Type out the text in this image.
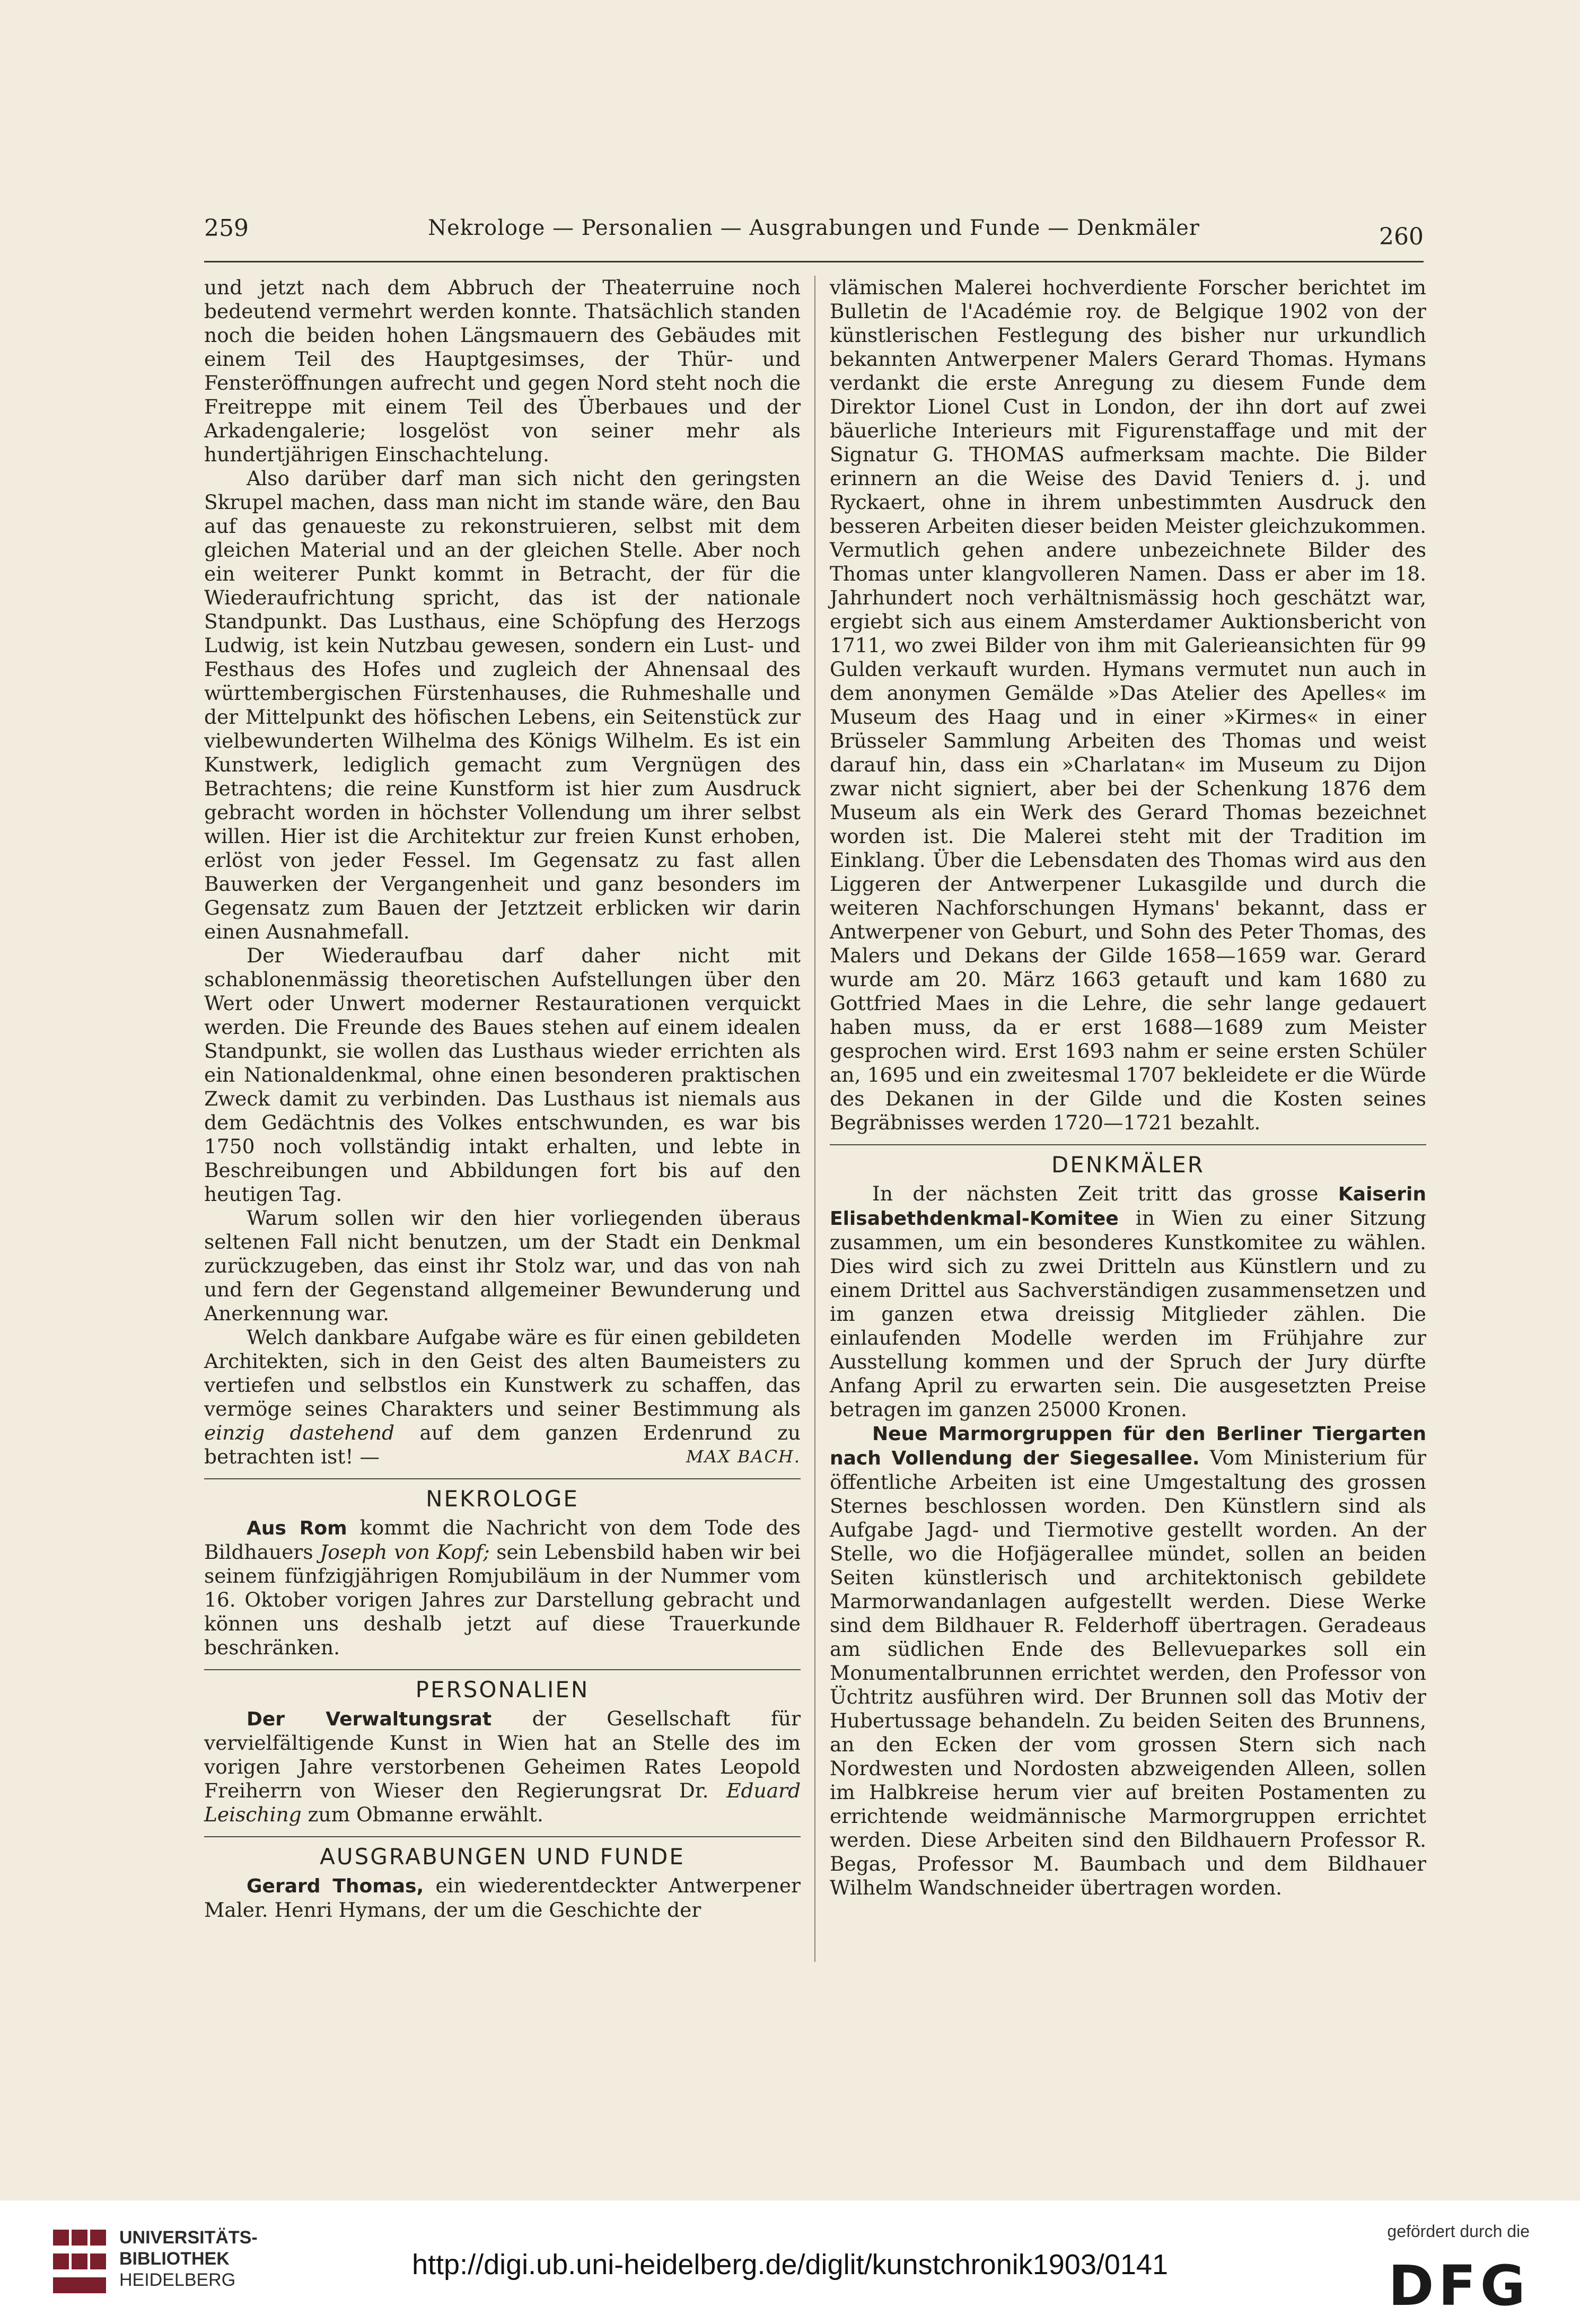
259	Nekrologe — Personalien — Ausgrabungen und Funde — Denkmäler	260

und jetzt nach dem Abbruch der Theaterruine noch bedeutend vermehrt werden konnte. Thatsächlich standen noch die beiden hohen Längsmauern des Gebäudes mit einem Teil des Hauptgesimses, der Thür- und Fensteröffnungen aufrecht und gegen Nord steht noch die Freitreppe mit einem Teil des Überbaues und der Arkadengalerie; losgelöst von seiner mehr als hundertjährigen Einschachtelung.

Also darüber darf man sich nicht den geringsten Skrupel machen, dass man nicht im stande wäre, den Bau auf das genaueste zu rekonstruieren, selbst mit dem gleichen Material und an der gleichen Stelle. Aber noch ein weiterer Punkt kommt in Betracht, der für die Wiederaufrichtung spricht, das ist der nationale Standpunkt. Das Lusthaus, eine Schöpfung des Herzogs Ludwig, ist kein Nutzbau gewesen, sondern ein Lust- und Festhaus des Hofes und zugleich der Ahnensaal des württembergischen Fürstenhauses, die Ruhmeshalle und der Mittelpunkt des höfischen Lebens, ein Seitenstück zur vielbewunderten Wilhelma des Königs Wilhelm. Es ist ein Kunstwerk, lediglich gemacht zum Vergnügen des Betrachtens; die reine Kunstform ist hier zum Ausdruck gebracht worden in höchster Vollendung um ihrer selbst willen. Hier ist die Architektur zur freien Kunst erhoben, erlöst von jeder Fessel. Im Gegensatz zu fast allen Bauwerken der Vergangenheit und ganz besonders im Gegensatz zum Bauen der Jetztzeit erblicken wir darin einen Ausnahmefall.

Der Wiederaufbau darf daher nicht mit schablonenmässig theoretischen Aufstellungen über den Wert oder Unwert moderner Restaurationen verquickt werden. Die Freunde des Baues stehen auf einem idealen Standpunkt, sie wollen das Lusthaus wieder errichten als ein Nationaldenkmal, ohne einen besonderen praktischen Zweck damit zu verbinden. Das Lusthaus ist niemals aus dem Gedächtnis des Volkes entschwunden, es war bis 1750 noch vollständig intakt erhalten, und lebte in Beschreibungen und Abbildungen fort bis auf den heutigen Tag.

Warum sollen wir den hier vorliegenden überaus seltenen Fall nicht benutzen, um der Stadt ein Denkmal zurückzugeben, das einst ihr Stolz war, und das von nah und fern der Gegenstand allgemeiner Bewunderung und Anerkennung war.

Welch dankbare Aufgabe wäre es für einen gebildeten Architekten, sich in den Geist des alten Baumeisters zu vertiefen und selbstlos ein Kunstwerk zu schaffen, das vermöge seines Charakters und seiner Bestimmung als einzig dastehend auf dem ganzen Erdenrund zu betrachten ist! —	MAX BACH.

NEKROLOGE

Aus Rom kommt die Nachricht von dem Tode des Bildhauers Joseph von Kopf; sein Lebensbild haben wir bei seinem fünfzigjährigen Romjubiläum in der Nummer vom 16. Oktober vorigen Jahres zur Darstellung gebracht und können uns deshalb jetzt auf diese Trauerkunde beschränken.

PERSONALIEN

Der Verwaltungsrat der Gesellschaft für vervielfältigende Kunst in Wien hat an Stelle des im vorigen Jahre verstorbenen Geheimen Rates Leopold Freiherrn von Wieser den Regierungsrat Dr. Eduard Leisching zum Obmanne erwählt.

AUSGRABUNGEN UND FUNDE

Gerard Thomas, ein wiederentdeckter Antwerpener Maler. Henri Hymans, der um die Geschichte der

vlämischen Malerei hochverdiente Forscher berichtet im Bulletin de l'Académie roy. de Belgique 1902 von der künstlerischen Festlegung des bisher nur urkundlich bekannten Antwerpener Malers Gerard Thomas. Hymans verdankt die erste Anregung zu diesem Funde dem Direktor Lionel Cust in London, der ihn dort auf zwei bäuerliche Interieurs mit Figurenstaffage und mit der Signatur G. THOMAS aufmerksam machte. Die Bilder erinnern an die Weise des David Teniers d. j. und Ryckaert, ohne in ihrem unbestimmten Ausdruck den besseren Arbeiten dieser beiden Meister gleichzukommen. Vermutlich gehen andere unbezeichnete Bilder des Thomas unter klangvolleren Namen. Dass er aber im 18. Jahrhundert noch verhältnismässig hoch geschätzt war, ergiebt sich aus einem Amsterdamer Auktionsbericht von 1711, wo zwei Bilder von ihm mit Galerieansichten für 99 Gulden verkauft wurden. Hymans vermutet nun auch in dem anonymen Gemälde »Das Atelier des Apelles« im Museum des Haag und in einer »Kirmes« in einer Brüsseler Sammlung Arbeiten des Thomas und weist darauf hin, dass ein »Charlatan« im Museum zu Dijon zwar nicht signiert, aber bei der Schenkung 1876 dem Museum als ein Werk des Gerard Thomas bezeichnet worden ist. Die Malerei steht mit der Tradition im Einklang. Über die Lebensdaten des Thomas wird aus den Liggeren der Antwerpener Lukasgilde und durch die weiteren Nachforschungen Hymans' bekannt, dass er Antwerpener von Geburt, und Sohn des Peter Thomas, des Malers und Dekans der Gilde 1658—1659 war. Gerard wurde am 20. März 1663 getauft und kam 1680 zu Gottfried Maes in die Lehre, die sehr lange gedauert haben muss, da er erst 1688—1689 zum Meister gesprochen wird. Erst 1693 nahm er seine ersten Schüler an, 1695 und ein zweitesmal 1707 bekleidete er die Würde des Dekanen in der Gilde und die Kosten seines Begräbnisses werden 1720—1721 bezahlt.

DENKMÄLER

In der nächsten Zeit tritt das grosse Kaiserin Elisabethdenkmal-Komitee in Wien zu einer Sitzung zusammen, um ein besonderes Kunstkomitee zu wählen. Dies wird sich zu zwei Dritteln aus Künstlern und zu einem Drittel aus Sachverständigen zusammensetzen und im ganzen etwa dreissig Mitglieder zählen. Die einlaufenden Modelle werden im Frühjahre zur Ausstellung kommen und der Spruch der Jury dürfte Anfang April zu erwarten sein. Die ausgesetzten Preise betragen im ganzen 25000 Kronen.

Neue Marmorgruppen für den Berliner Tiergarten nach Vollendung der Siegesallee. Vom Ministerium für öffentliche Arbeiten ist eine Umgestaltung des grossen Sternes beschlossen worden. Den Künstlern sind als Aufgabe Jagd- und Tiermotive gestellt worden. An der Stelle, wo die Hofjägerallee mündet, sollen an beiden Seiten künstlerisch und architektonisch gebildete Marmorwandanlagen aufgestellt werden. Diese Werke sind dem Bildhauer R. Felderhoff übertragen. Geradeaus am südlichen Ende des Bellevueparkes soll ein Monumentalbrunnen errichtet werden, den Professor von Üchtritz ausführen wird. Der Brunnen soll das Motiv der Hubertussage behandeln. Zu beiden Seiten des Brunnens, an den Ecken der vom grossen Stern sich nach Nordwesten und Nordosten abzweigenden Alleen, sollen im Halbkreise herum vier auf breiten Postamenten zu errichtende weidmännische Marmorgruppen errichtet werden. Diese Arbeiten sind den Bildhauern Professor R. Begas, Professor M. Baumbach und dem Bildhauer Wilhelm Wandschneider übertragen worden.

UNIVERSITÄTS-
BIBLIOTHEK
HEIDELBERG	http://digi.ub.uni-heidelberg.de/diglit/kunstchronik1903/0141
gefördert durch die
DFG
